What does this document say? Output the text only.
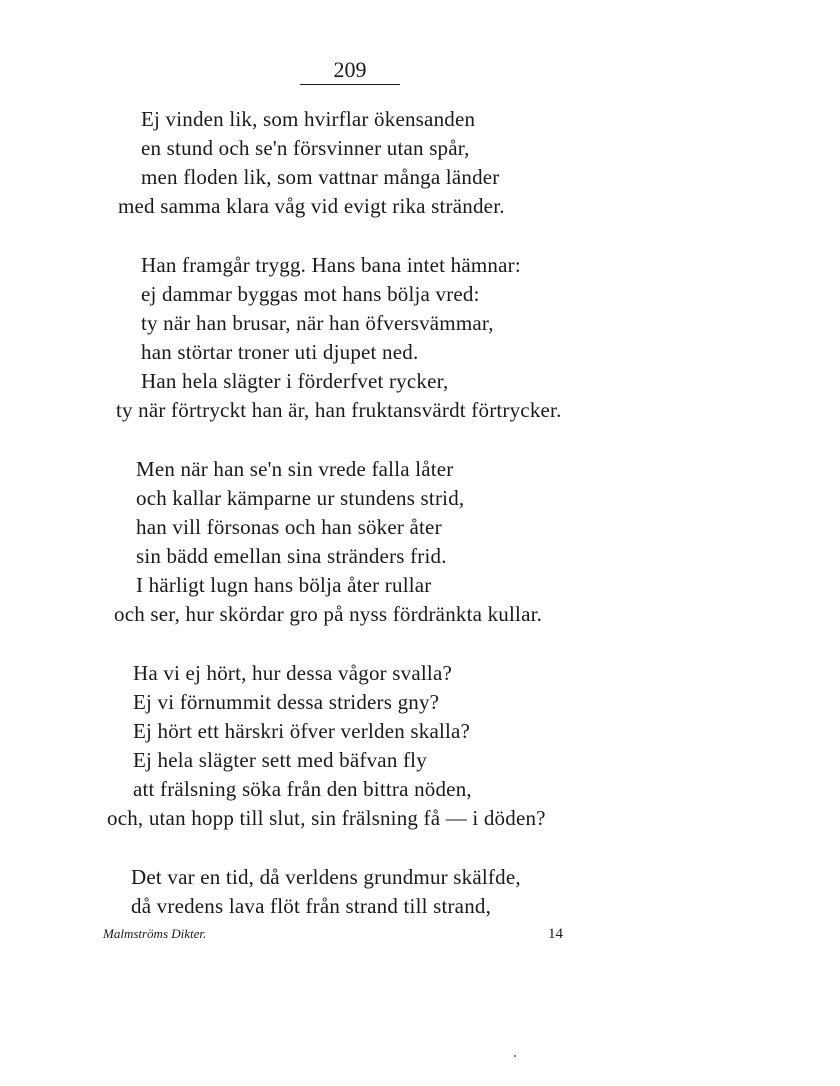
209
Ej vinden lik, som hvirflar ökensanden
en stund och se'n försvinner utan spår,
men floden lik, som vattnar många länder
med samma klara våg vid evigt rika stränder.
Han framgår trygg. Hans bana intet hämnar:
ej dammar byggas mot hans bölja vred:
ty när han brusar, när han öfversvämmar,
han störtar troner uti djupet ned.
Han hela slägter i förderfvet rycker,
ty när förtryckt han är, han fruktansvärdt förtrycker.
Men när han se'n sin vrede falla låter
och kallar kämparne ur stundens strid,
han vill försonas och han söker åter
sin bädd emellan sina stränders frid.
I härligt lugn hans bölja åter rullar
och ser, hur skördar gro på nyss fördränkta kullar.
Ha vi ej hört, hur dessa vågor svalla?
Ej vi förnummit dessa striders gny?
Ej hört ett härskri öfver verlden skalla?
Ej hela slägter sett med bäfvan fly
att frälsning söka från den bittra nöden,
och, utan hopp till slut, sin frälsning få — i döden?
Det var en tid, då verldens grundmur skälfde,
då vredens lava flöt från strand till strand,
Malmströms Dikter.	14
